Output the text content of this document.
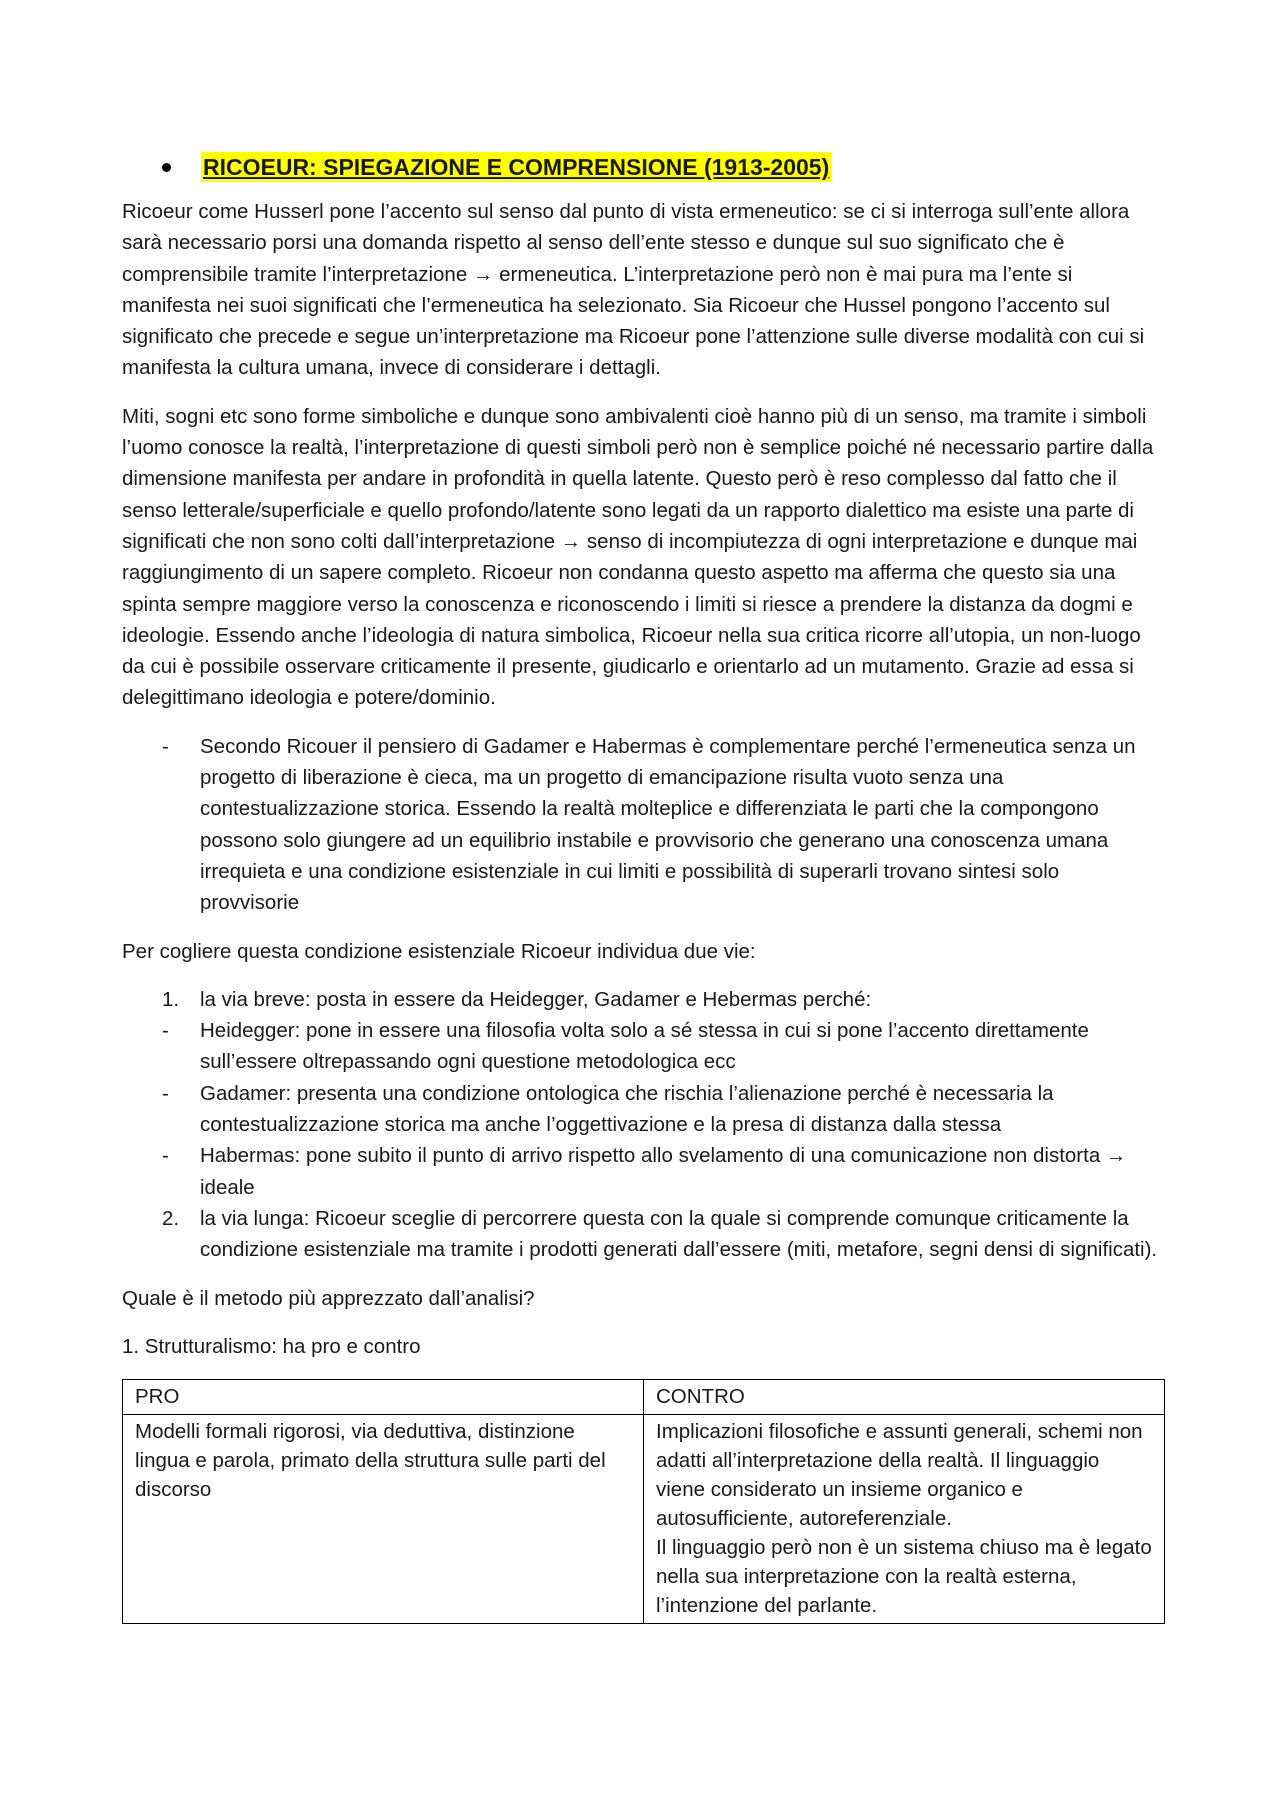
RICOEUR: SPIEGAZIONE E COMPRENSIONE (1913-2005)

Ricoeur come Husserl pone l’accento sul senso dal punto di vista ermeneutico: se ci si interroga sull’ente allora sarà necessario porsi una domanda rispetto al senso dell’ente stesso e dunque sul suo significato che è comprensibile tramite l’interpretazione → ermeneutica. L’interpretazione però non è mai pura ma l’ente si manifesta nei suoi significati che l’ermeneutica ha selezionato. Sia Ricoeur che Hussel pongono l’accento sul significato che precede e segue un’interpretazione ma Ricoeur pone l’attenzione sulle diverse modalità con cui si manifesta la cultura umana, invece di considerare i dettagli.

Miti, sogni etc sono forme simboliche e dunque sono ambivalenti cioè hanno più di un senso, ma tramite i simboli l’uomo conosce la realtà, l’interpretazione di questi simboli però non è semplice poiché né necessario partire dalla dimensione manifesta per andare in profondità in quella latente. Questo però è reso complesso dal fatto che il senso letterale/superficiale e quello profondo/latente sono legati da un rapporto dialettico ma esiste una parte di significati che non sono colti dall’interpretazione → senso di incompiutezza di ogni interpretazione e dunque mai raggiungimento di un sapere completo. Ricoeur non condanna questo aspetto ma afferma che questo sia una spinta sempre maggiore verso la conoscenza e riconoscendo i limiti si riesce a prendere la distanza da dogmi e ideologie. Essendo anche l’ideologia di natura simbolica, Ricoeur nella sua critica ricorre all’utopia, un non-luogo da cui è possibile osservare criticamente il presente, giudicarlo e orientarlo ad un mutamento. Grazie ad essa si delegittimano ideologia e potere/dominio.

-	Secondo Ricouer il pensiero di Gadamer e Habermas è complementare perché l’ermeneutica senza un progetto di liberazione è cieca, ma un progetto di emancipazione risulta vuoto senza una contestualizzazione storica. Essendo la realtà molteplice e differenziata le parti che la compongono possono solo giungere ad un equilibrio instabile e provvisorio che generano una conoscenza umana irrequieta e una condizione esistenziale in cui limiti e possibilità di superarli trovano sintesi solo provvisorie

Per cogliere questa condizione esistenziale Ricoeur individua due vie:

1.	la via breve: posta in essere da Heidegger, Gadamer e Hebermas perché:
-	Heidegger: pone in essere una filosofia volta solo a sé stessa in cui si pone l’accento direttamente sull’essere oltrepassando ogni questione metodologica ecc
-	Gadamer: presenta una condizione ontologica che rischia l’alienazione perché è necessaria la contestualizzazione storica ma anche l’oggettivazione e la presa di distanza dalla stessa
-	Habermas: pone subito il punto di arrivo rispetto allo svelamento di una comunicazione non distorta → ideale
2.	la via lunga: Ricoeur sceglie di percorrere questa con la quale si comprende comunque criticamente la condizione esistenziale ma tramite i prodotti generati dall’essere (miti, metafore, segni densi di significati).

Quale è il metodo più apprezzato dall’analisi?

1. Strutturalismo: ha pro e contro

PRO	CONTRO
Modelli formali rigorosi, via deduttiva, distinzione lingua e parola, primato della struttura sulle parti del discorso	Implicazioni filosofiche e assunti generali, schemi non adatti all’interpretazione della realtà. Il linguaggio viene considerato un insieme organico e autosufficiente, autoreferenziale.
Il linguaggio però non è un sistema chiuso ma è legato nella sua interpretazione con la realtà esterna, l’intenzione del parlante.
